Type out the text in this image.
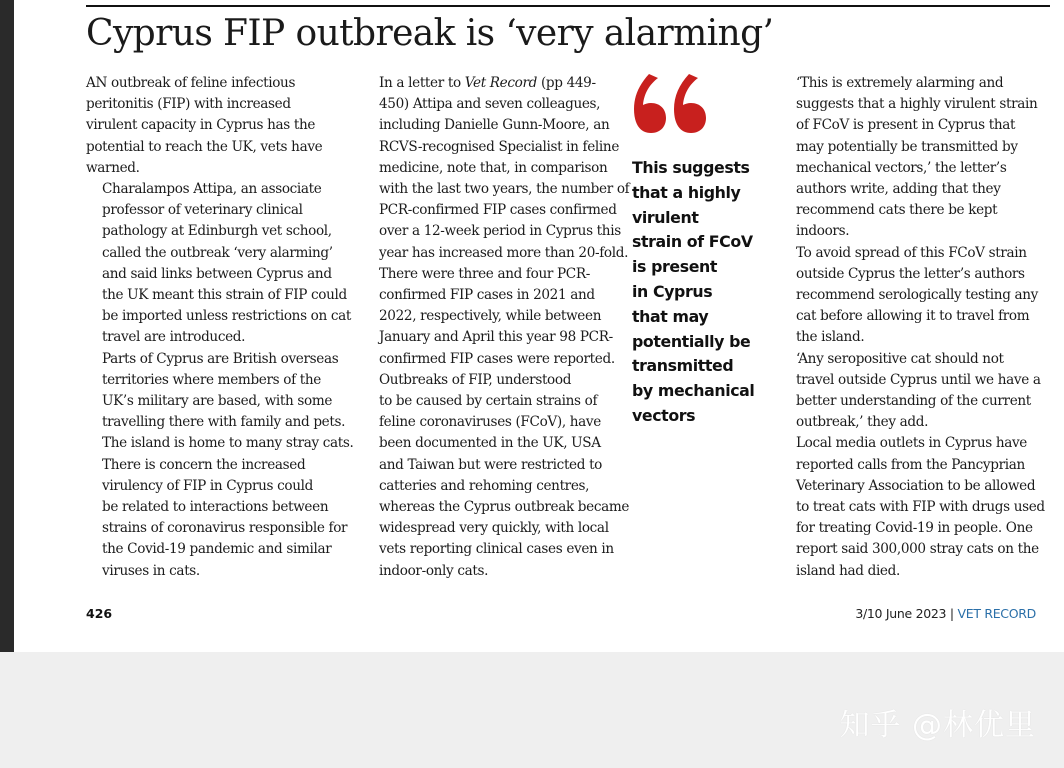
Cyprus FIP outbreak is ‘very alarming’

AN outbreak of feline infectious
peritonitis (FIP) with increased
virulent capacity in Cyprus has the
potential to reach the UK, vets have
warned.

Charalampos Attipa, an associate
professor of veterinary clinical
pathology at Edinburgh vet school,
called the outbreak ‘very alarming’
and said links between Cyprus and
the UK meant this strain of FIP could
be imported unless restrictions on cat
travel are introduced.

Parts of Cyprus are British overseas
territories where members of the
UK’s military are based, with some
travelling there with family and pets.
The island is home to many stray cats.

There is concern the increased
virulency of FIP in Cyprus could
be related to interactions between
strains of coronavirus responsible for
the Covid-19 pandemic and similar
viruses in cats.

In a letter to Vet Record (pp 449-
450) Attipa and seven colleagues,
including Danielle Gunn-Moore, an
RCVS-recognised Specialist in feline
medicine, note that, in comparison
with the last two years, the number of
PCR-confirmed FIP cases confirmed
over a 12-week period in Cyprus this
year has increased more than 20-fold.

There were three and four PCR-
confirmed FIP cases in 2021 and
2022, respectively, while between
January and April this year 98 PCR-
confirmed FIP cases were reported.

Outbreaks of FIP, understood
to be caused by certain strains of
feline coronaviruses (FCoV), have
been documented in the UK, USA
and Taiwan but were restricted to
catteries and rehoming centres,
whereas the Cyprus outbreak became
widespread very quickly, with local
vets reporting clinical cases even in
indoor-only cats.

This suggests
that a highly
virulent
strain of FCoV
is present
in Cyprus
that may
potentially be
transmitted
by mechanical
vectors

‘This is extremely alarming and
suggests that a highly virulent strain
of FCoV is present in Cyprus that
may potentially be transmitted by
mechanical vectors,’ the letter’s
authors write, adding that they
recommend cats there be kept
indoors.

To avoid spread of this FCoV strain
outside Cyprus the letter’s authors
recommend serologically testing any
cat before allowing it to travel from
the island.

‘Any seropositive cat should not
travel outside Cyprus until we have a
better understanding of the current
outbreak,’ they add.

Local media outlets in Cyprus have
reported calls from the Pancyprian
Veterinary Association to be allowed
to treat cats with FIP with drugs used
for treating Covid-19 in people. One
report said 300,000 stray cats on the
island had died.

426	3/10 June 2023 | VET RECORD
知乎 @林优里
